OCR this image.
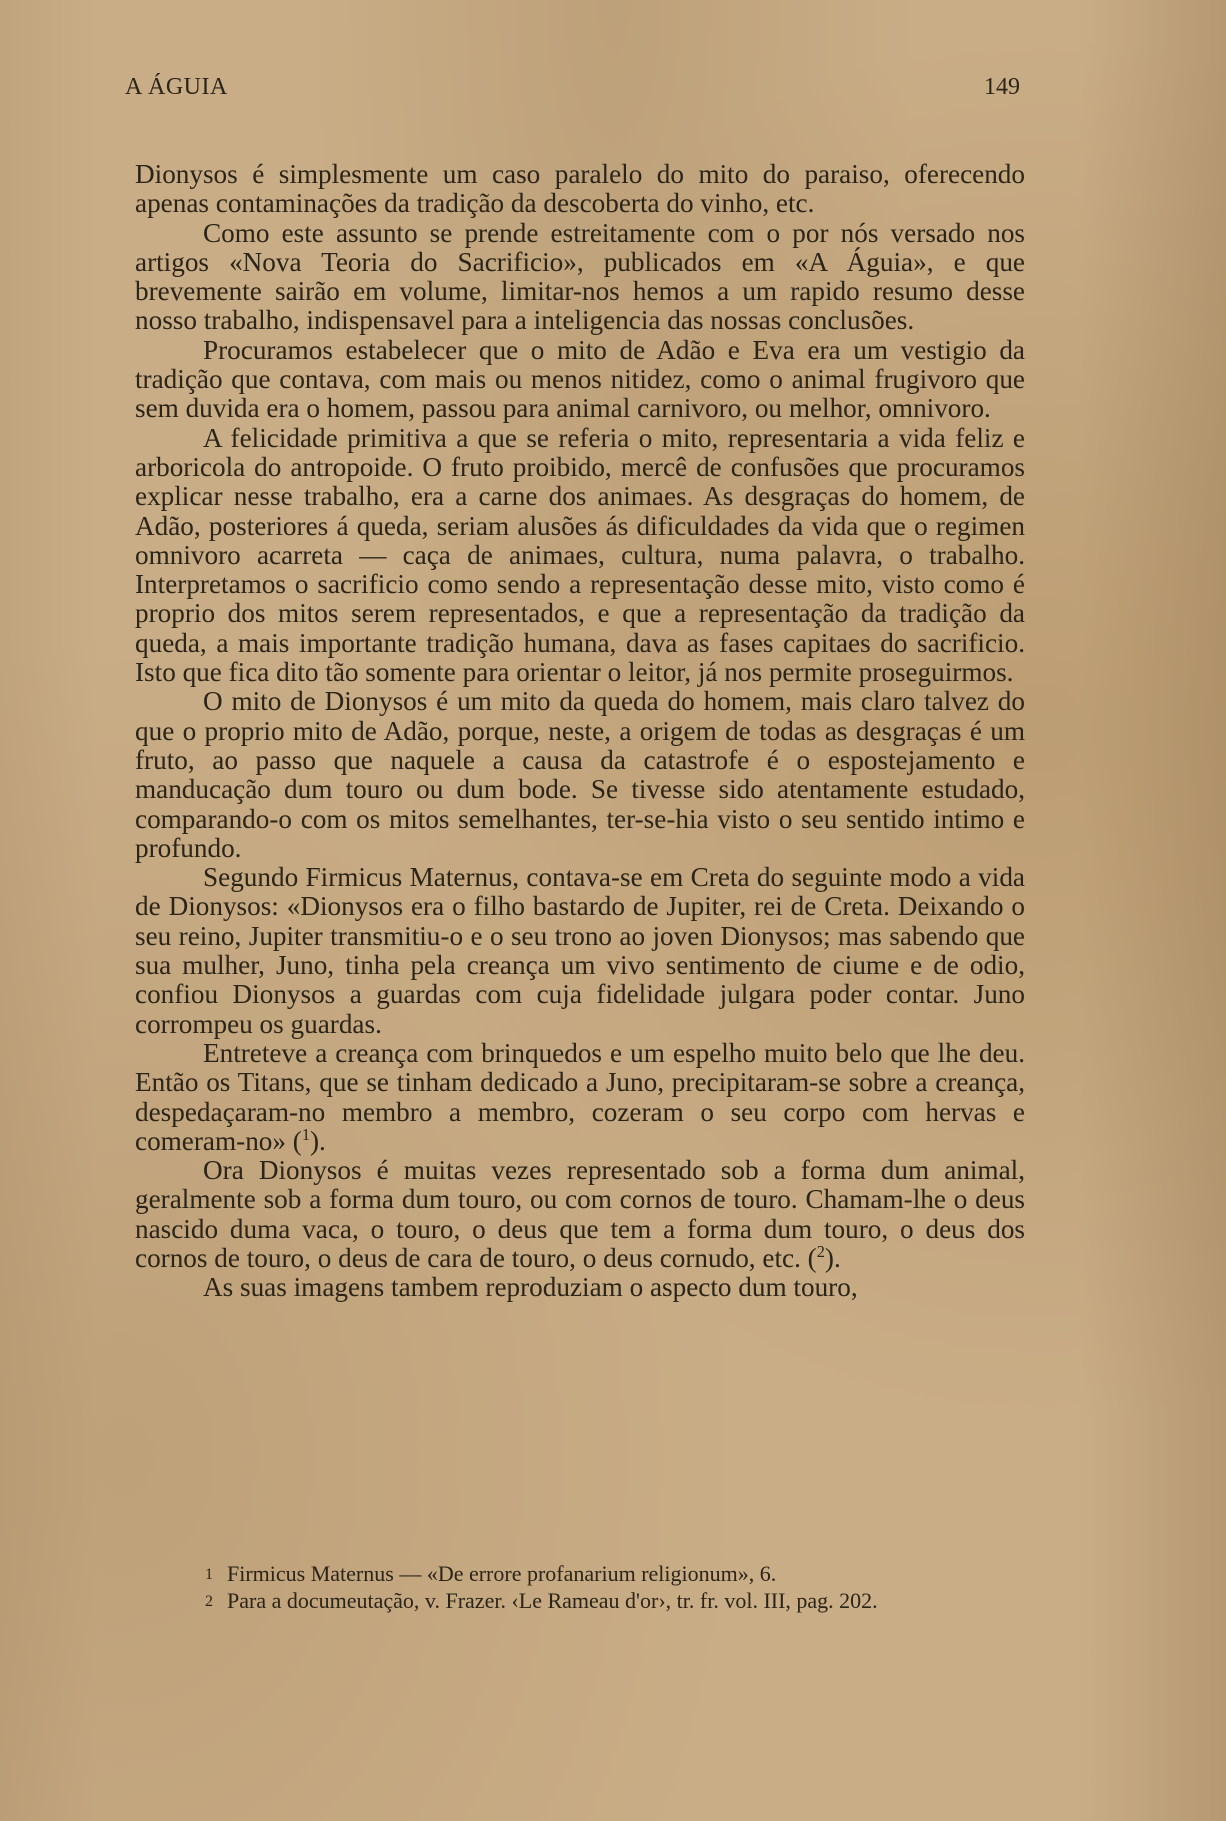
A ÁGUIA	149

Dionysos é simplesmente um caso paralelo do mito do paraiso, oferecendo apenas contaminações da tradição da descoberta do vinho, etc.

Como este assunto se prende estreitamente com o por nós versado nos artigos «Nova Teoria do Sacrificio», publicados em «A Águia», e que brevemente sairão em volume, limitar-nos hemos a um rapido resumo desse nosso trabalho, indispensavel para a inteligencia das nossas conclusões.

Procuramos estabelecer que o mito de Adão e Eva era um vestigio da tradição que contava, com mais ou menos nitidez, como o animal frugivoro que sem duvida era o homem, passou para animal carnivoro, ou melhor, omnivoro.

A felicidade primitiva a que se referia o mito, representaria a vida feliz e arboricola do antropoide. O fruto proibido, mercê de confusões que procuramos explicar nesse trabalho, era a carne dos animaes. As desgraças do homem, de Adão, posteriores á queda, seriam alusões ás dificuldades da vida que o regimen omnivoro acarreta — caça de animaes, cultura, numa palavra, o trabalho. Interpretamos o sacrificio como sendo a representação desse mito, visto como é proprio dos mitos serem representados, e que a representação da tradição da queda, a mais importante tradição humana, dava as fases capitaes do sacrificio. Isto que fica dito tão somente para orientar o leitor, já nos permite proseguirmos.

O mito de Dionysos é um mito da queda do homem, mais claro talvez do que o proprio mito de Adão, porque, neste, a origem de todas as desgraças é um fruto, ao passo que naquele a causa da catastrofe é o espostejamento e manducação dum touro ou dum bode. Se tivesse sido atentamente estudado, comparando-o com os mitos semelhantes, ter-se-hia visto o seu sentido intimo e profundo.

Segundo Firmicus Maternus, contava-se em Creta do seguinte modo a vida de Dionysos: «Dionysos era o filho bastardo de Jupiter, rei de Creta. Deixando o seu reino, Jupiter transmitiu-o e o seu trono ao joven Dionysos; mas sabendo que sua mulher, Juno, tinha pela creança um vivo sentimento de ciume e de odio, confiou Dionysos a guardas com cuja fidelidade julgara poder contar. Juno corrompeu os guardas.

Entreteve a creança com brinquedos e um espelho muito belo que lhe deu. Então os Titans, que se tinham dedicado a Juno, precipitaram-se sobre a creança, despedaçaram-no membro a membro, cozeram o seu corpo com hervas e comeram-no» ($^1$).

Ora Dionysos é muitas vezes representado sob a forma dum animal, geralmente sob a forma dum touro, ou com cornos de touro. Chamam-lhe o deus nascido duma vaca, o touro, o deus que tem a forma dum touro, o deus dos cornos de touro, o deus de cara de touro, o deus cornudo, etc. ($^2$).

As suas imagens tambem reproduziam o aspecto dum touro,

1 Firmicus Maternus — «De errore profanarium religionum», 6.

2 Para a documeutação, v. Frazer. ‹Le Rameau d'or›, tr. fr. vol. III, pag. 202.
